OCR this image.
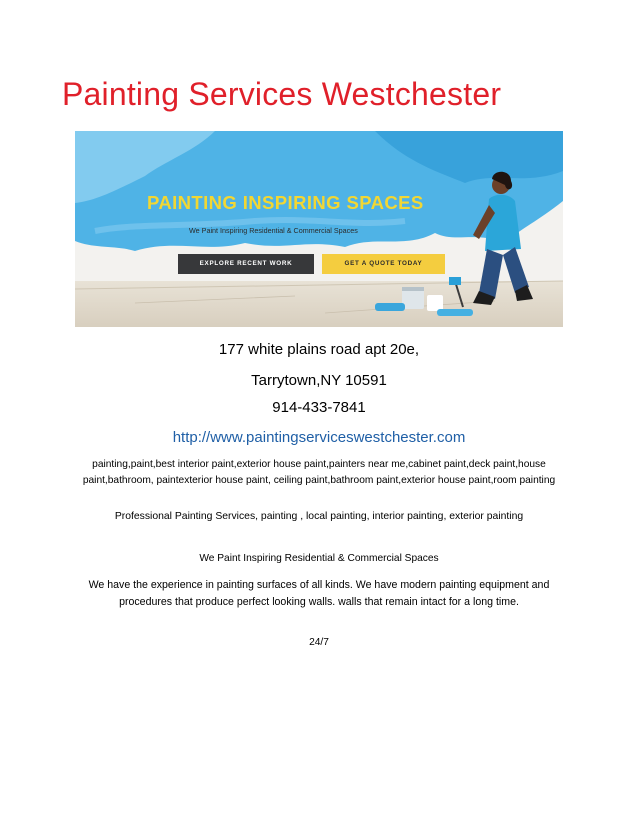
Painting Services Westchester
PAINTING INSPIRING SPACES
We Paint Inspiring Residential & Commercial Spaces
EXPLORE RECENT WORK	GET A QUOTE TODAY

177 white plains road apt 20e,

Tarrytown,NY 10591

914-433-7841

http://www.paintingserviceswestchester.com

painting,paint,best interior paint,exterior house paint,painters near me,cabinet paint,deck paint,house paint,bathroom, paintexterior house paint, ceiling paint,bathroom paint,exterior house paint,room painting

Professional Painting Services, painting , local painting, interior painting, exterior painting

We Paint Inspiring Residential & Commercial Spaces

We have the experience in painting surfaces of all kinds. We have modern painting equipment and procedures that produce perfect looking walls. walls that remain intact for a long time.

24/7
